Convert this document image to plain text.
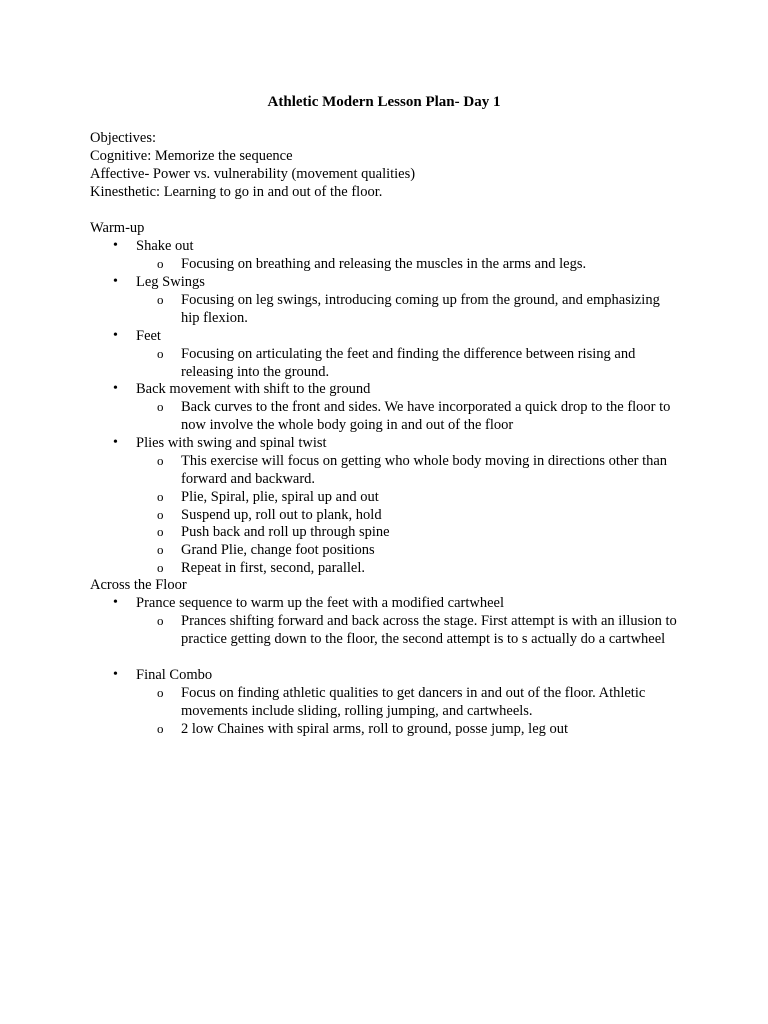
Athletic Modern Lesson Plan- Day 1
Objectives:
Cognitive: Memorize the sequence
Affective- Power vs. vulnerability (movement qualities)
Kinesthetic: Learning to go in and out of the floor.
Warm-up
•	Shake out
o	Focusing on breathing and releasing the muscles in the arms and legs.
•	Leg Swings
o	Focusing on leg swings, introducing coming up from the ground, and emphasizing hip flexion.
•	Feet
o	Focusing on articulating the feet and finding the difference between rising and releasing into the ground.
•	Back movement with shift to the ground
o	Back curves to the front and sides. We have incorporated a quick drop to the floor to now involve the whole body going in and out of the floor
•	Plies with swing and spinal twist
o	This exercise will focus on getting who whole body moving in directions other than forward and backward.
o	Plie, Spiral, plie, spiral up and out
o	Suspend up, roll out to plank, hold
o	Push back and roll up through spine
o	Grand Plie, change foot positions
o	Repeat in first, second, parallel.
Across the Floor
•	Prance sequence to warm up the feet with a modified cartwheel
o	Prances shifting forward and back across the stage. First attempt is with an illusion to practice getting down to the floor, the second attempt is to s actually do a cartwheel
•	Final Combo
o	Focus on finding athletic qualities to get dancers in and out of the floor. Athletic movements include sliding, rolling jumping, and cartwheels.
o	2 low Chaines with spiral arms, roll to ground, posse jump, leg out
